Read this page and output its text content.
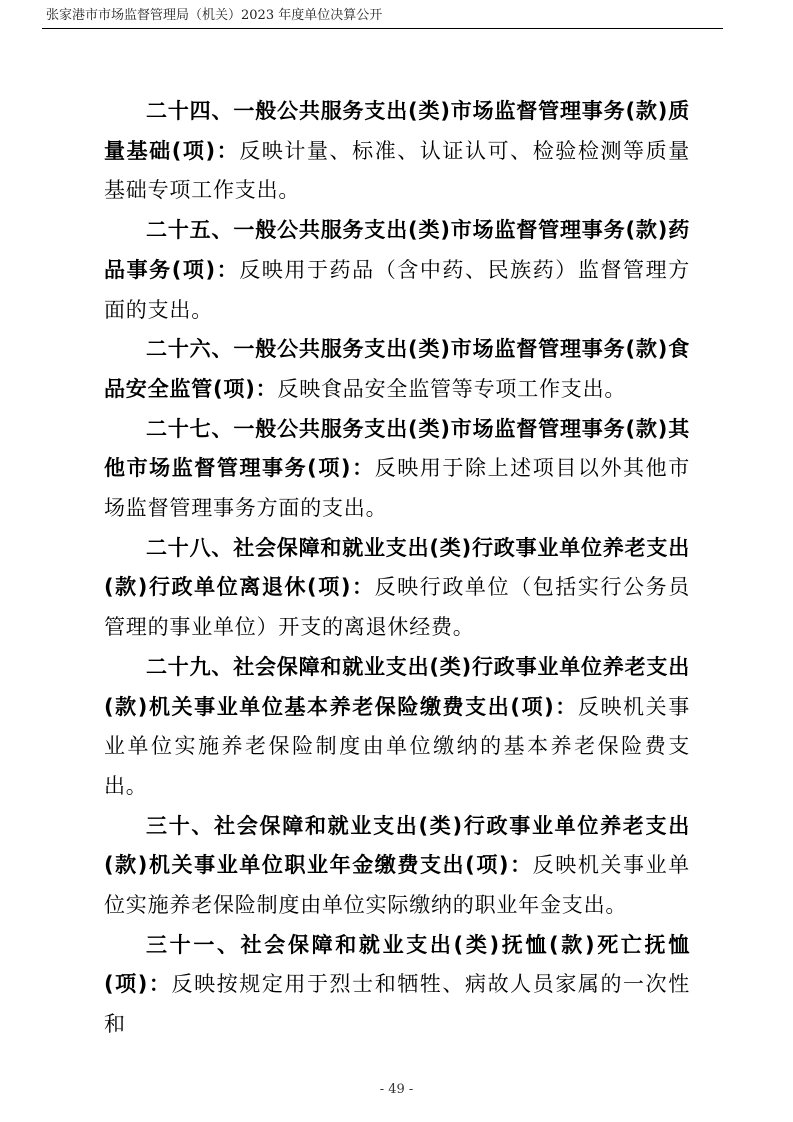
张家港市市场监督管理局（机关）2023 年度单位决算公开

二十四、一般公共服务支出(类)市场监督管理事务(款)质量基础(项)：反映计量、标准、认证认可、检验检测等质量基础专项工作支出。

二十五、一般公共服务支出(类)市场监督管理事务(款)药品事务(项)：反映用于药品（含中药、民族药）监督管理方面的支出。

二十六、一般公共服务支出(类)市场监督管理事务(款)食品安全监管(项)：反映食品安全监管等专项工作支出。

二十七、一般公共服务支出(类)市场监督管理事务(款)其他市场监督管理事务(项)：反映用于除上述项目以外其他市场监督管理事务方面的支出。

二十八、社会保障和就业支出(类)行政事业单位养老支出(款)行政单位离退休(项)：反映行政单位（包括实行公务员管理的事业单位）开支的离退休经费。

二十九、社会保障和就业支出(类)行政事业单位养老支出(款)机关事业单位基本养老保险缴费支出(项)：反映机关事业单位实施养老保险制度由单位缴纳的基本养老保险费支出。

三十、社会保障和就业支出(类)行政事业单位养老支出(款)机关事业单位职业年金缴费支出(项)：反映机关事业单位实施养老保险制度由单位实际缴纳的职业年金支出。

三十一、社会保障和就业支出(类)抚恤(款)死亡抚恤(项)：反映按规定用于烈士和牺牲、病故人员家属的一次性和

- 49 -
